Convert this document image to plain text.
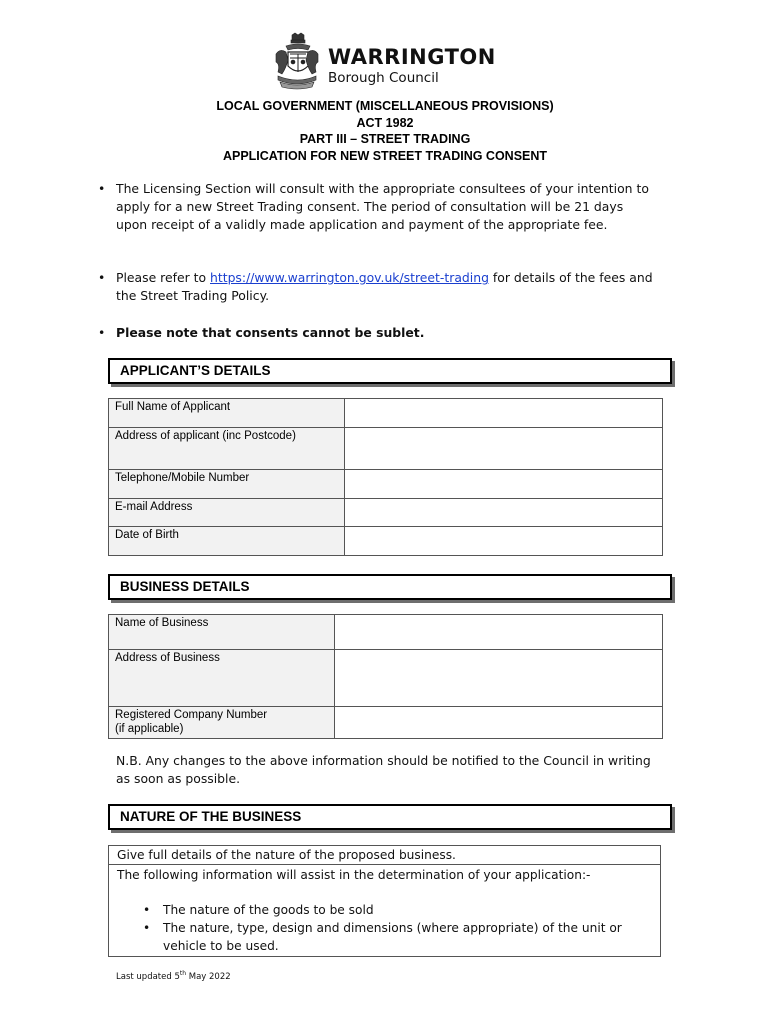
WARRINGTON
Borough Council
LOCAL GOVERNMENT (MISCELLANEOUS PROVISIONS)
ACT 1982
PART III – STREET TRADING
APPLICATION FOR NEW STREET TRADING CONSENT
• The Licensing Section will consult with the appropriate consultees of your intention to apply for a new Street Trading consent. The period of consultation will be 21 days upon receipt of a validly made application and payment of the appropriate fee.
• Please refer to https://www.warrington.gov.uk/street-trading for details of the fees and the Street Trading Policy.
• Please note that consents cannot be sublet.
APPLICANT’S DETAILS
Full Name of Applicant	
Address of applicant (inc Postcode)	
Telephone/Mobile Number	
E-mail Address	
Date of Birth	
BUSINESS DETAILS
Name of Business	
Address of Business	

Registered Company Number
(if applicable)	

N.B. Any changes to the above information should be notified to the Council in writing as soon as possible.
NATURE OF THE BUSINESS
Give full details of the nature of the proposed business.
The following information will assist in the determination of your application:-
• The nature of the goods to be sold
• The nature, type, design and dimensions (where appropriate) of the unit or vehicle to be used.
Last updated 5th May 2022
